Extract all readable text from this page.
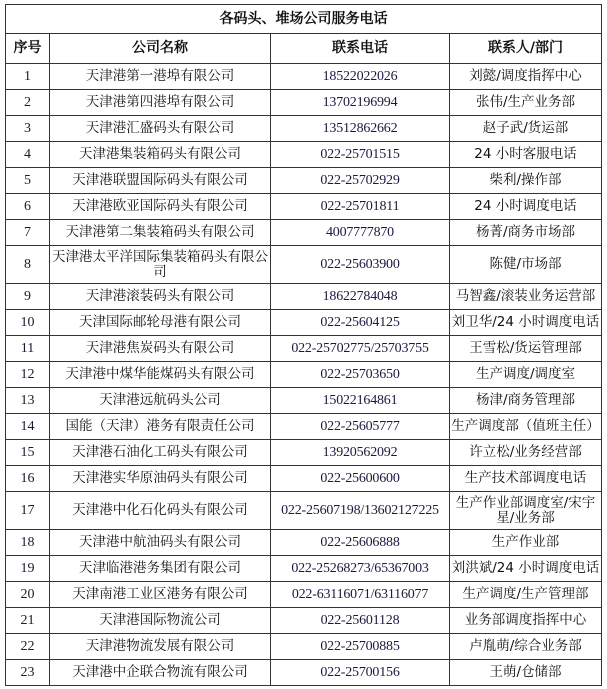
各码头、堆场公司服务电话			
序号	公司名称	联系电话	联系人/部门
1	天津港第一港埠有限公司	18522022026	刘懿/调度指挥中心
2	天津港第四港埠有限公司	13702196994	张伟/生产业务部
3	天津港汇盛码头有限公司	13512862662	赵子武/货运部
4	天津港集装箱码头有限公司	022-25701515	24 小时客服电话
5	天津港联盟国际码头有限公司	022-25702929	柴利/操作部
6	天津港欧亚国际码头有限公司	022-25701811	24 小时调度电话
7	天津港第二集装箱码头有限公司	4007777870	杨菁/商务市场部
8	天津港太平洋国际集装箱码头有限公司	022-25603900	陈健/市场部
9	天津港滚装码头有限公司	18622784048	马智鑫/滚装业务运营部
10	天津国际邮轮母港有限公司	022-25604125	刘卫华/24 小时调度电话
11	天津港焦炭码头有限公司	022-25702775/25703755	王雪松/货运管理部
12	天津港中煤华能煤码头有限公司	022-25703650	生产调度/调度室
13	天津港远航码头公司	15022164861	杨津/商务管理部
14	国能（天津）港务有限责任公司	022-25605777	生产调度部（值班主任）
15	天津港石油化工码头有限公司	13920562092	许立松/业务经营部
16	天津港实华原油码头有限公司	022-25600600	生产技术部调度电话
17	天津港中化石化码头有限公司	022-25607198/13602127225	生产作业部调度室/宋宇星/业务部
18	天津港中航油码头有限公司	022-25606888	生产作业部
19	天津临港港务集团有限公司	022-25268273/65367003	刘洪斌/24 小时调度电话
20	天津南港工业区港务有限公司	022-63116071/63116077	生产调度/生产管理部
21	天津港国际物流公司	022-25601128	业务部调度指挥中心
22	天津港物流发展有限公司	022-25700885	卢胤萌/综合业务部
23	天津港中企联合物流有限公司	022-25700156	王萌/仓储部
